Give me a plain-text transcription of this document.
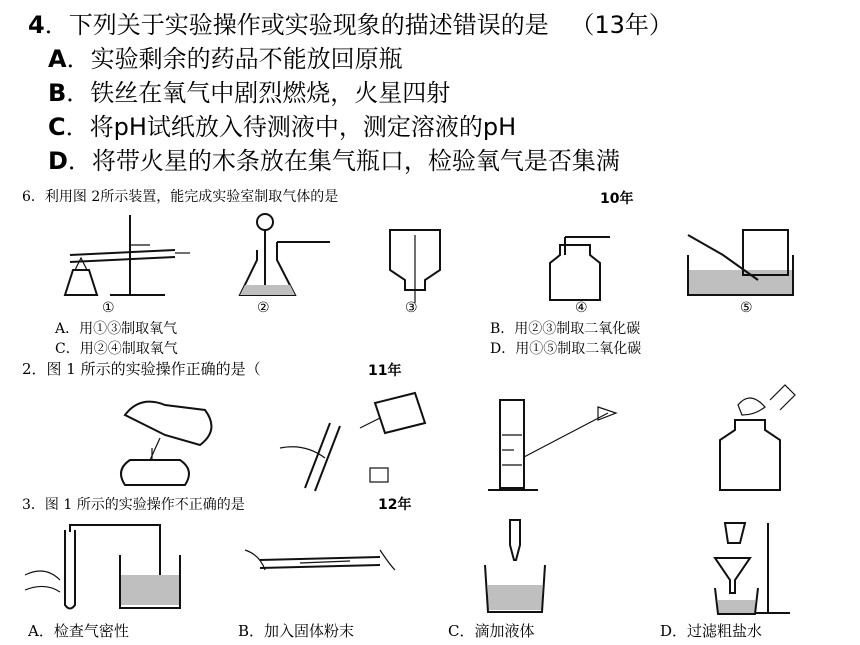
4．下列关于实验操作或实验现象的描述错误的是 （13年）
A．实验剩余的药品不能放回原瓶
B．铁丝在氧气中剧烈燃烧，火星四射
C．将pH试纸放入待测液中，测定溶液的pH
D．将带火星的木条放在集气瓶口，检验氧气是否集满
6．利用图 2所示装置，能完成实验室制取气体的是	10年
①	②	③	④	⑤
A．用①③制取氧气	B．用②③制取二氧化碳
C．用②④制取氧气	D．用①⑤制取二氧化碳
2．图 1 所示的实验操作正确的是（	11年
3．图 1 所示的实验操作不正确的是	12年
A．检查气密性	B．加入固体粉末	C．滴加液体	D．过滤粗盐水
